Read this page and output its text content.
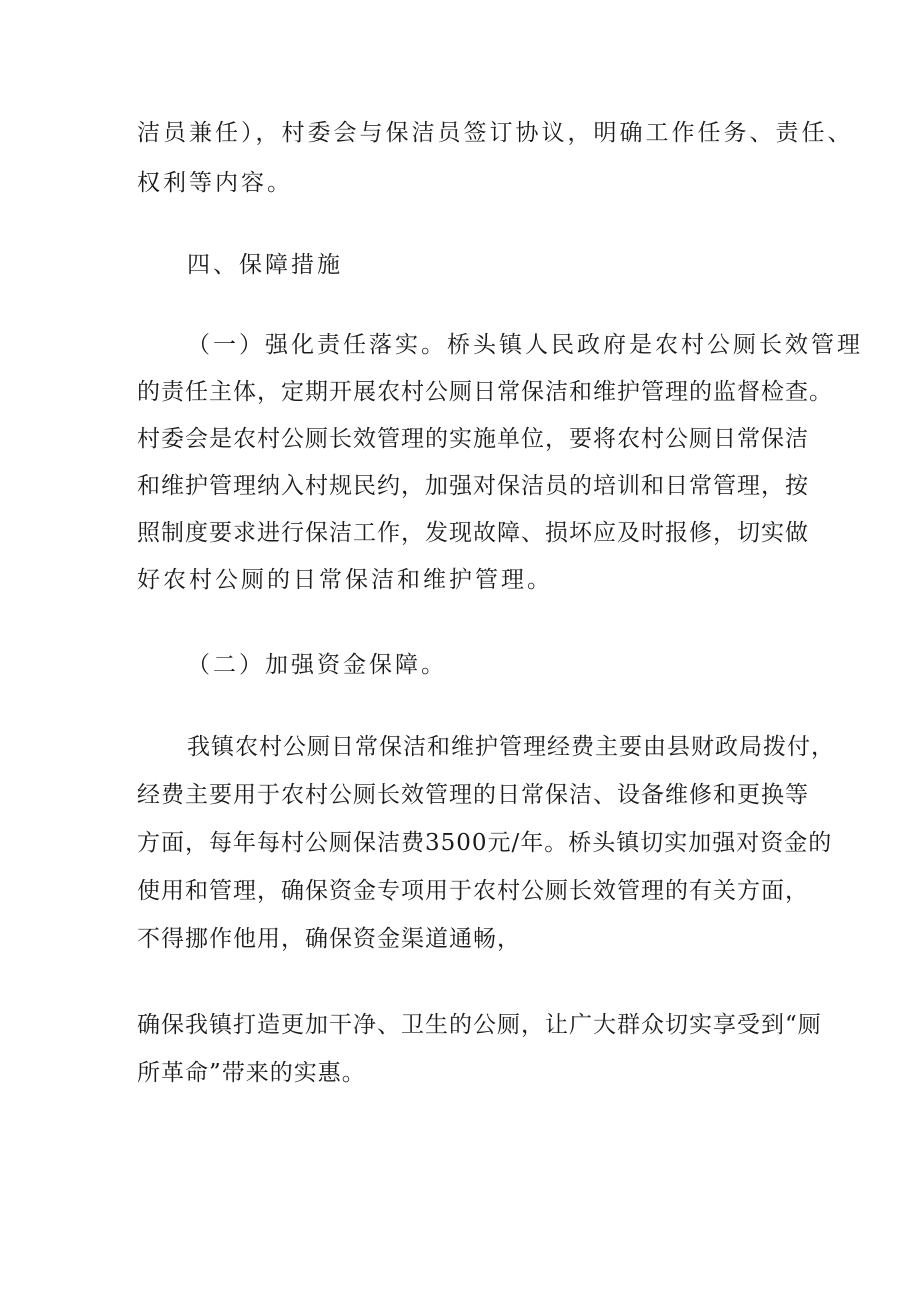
洁员兼任），村委会与保洁员签订协议，明确工作任务、责任、
权利等内容。
四、保障措施
（一）强化责任落实。桥头镇人民政府是农村公厕长效管理
的责任主体，定期开展农村公厕日常保洁和维护管理的监督检查。
村委会是农村公厕长效管理的实施单位，要将农村公厕日常保洁
和维护管理纳入村规民约，加强对保洁员的培训和日常管理，按
照制度要求进行保洁工作，发现故障、损坏应及时报修，切实做
好农村公厕的日常保洁和维护管理。
（二）加强资金保障。
我镇农村公厕日常保洁和维护管理经费主要由县财政局拨付，
经费主要用于农村公厕长效管理的日常保洁、设备维修和更换等
方面，每年每村公厕保洁费3500元/年。桥头镇切实加强对资金的
使用和管理，确保资金专项用于农村公厕长效管理的有关方面，
不得挪作他用，确保资金渠道通畅，
确保我镇打造更加干净、卫生的公厕，让广大群众切实享受到“厕
所革命”带来的实惠。
